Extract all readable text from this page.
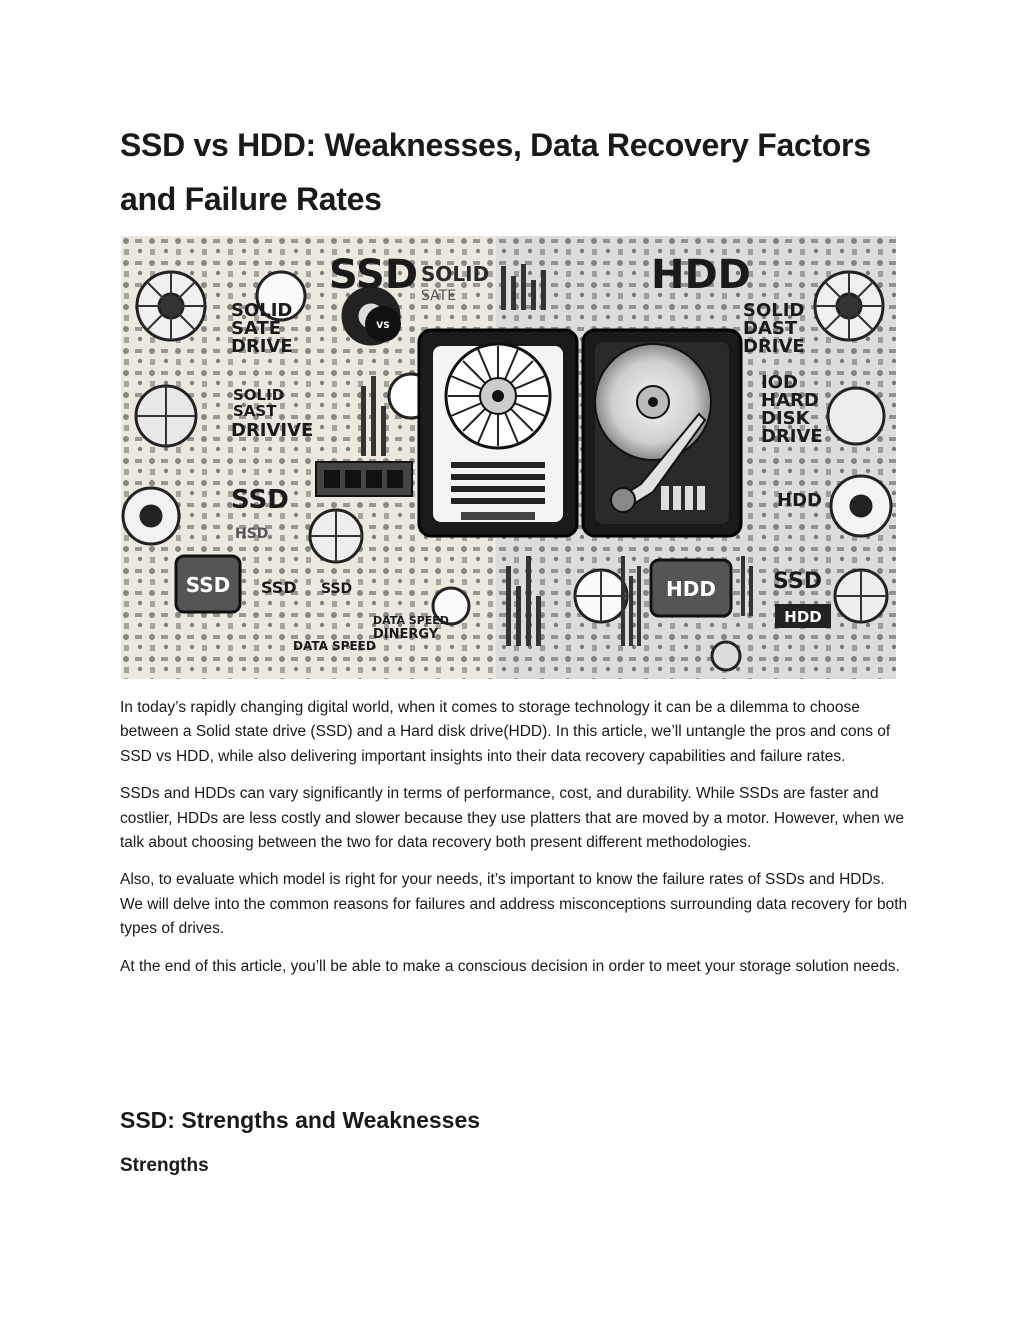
SSD vs HDD: Weaknesses, Data Recovery Factors and Failure Rates
SSD SOLID
SATE
SOLID
SATE
DRIVE
SOLID
SAST
DRIVIVE
SSD
HSD
SSD SSD
DATA SPEED
DATA SPEED
DINERGY
VS
SSD
HDD
SOLID
DAST
DRIVE
IOD
HARD
DISK
DRIVE
HDD
SSD
HDD
HDD

In today’s rapidly changing digital world, when it comes to storage technology it can be a dilemma to choose between a Solid state drive (SSD) and a Hard disk drive(HDD). In this article, we’ll untangle the pros and cons of SSD vs HDD, while also delivering important insights into their data recovery capabilities and failure rates.

SSDs and HDDs can vary significantly in terms of performance, cost, and durability. While SSDs are faster and costlier, HDDs are less costly and slower because they use platters that are moved by a motor. However, when we talk about choosing between the two for data recovery both present different methodologies.

Also, to evaluate which model is right for your needs, it’s important to know the failure rates of SSDs and HDDs. We will delve into the common reasons for failures and address misconceptions surrounding data recovery for both types of drives.

At the end of this article, you’ll be able to make a conscious decision in order to meet your storage solution needs.

SSD: Strengths and Weaknesses
Strengths
